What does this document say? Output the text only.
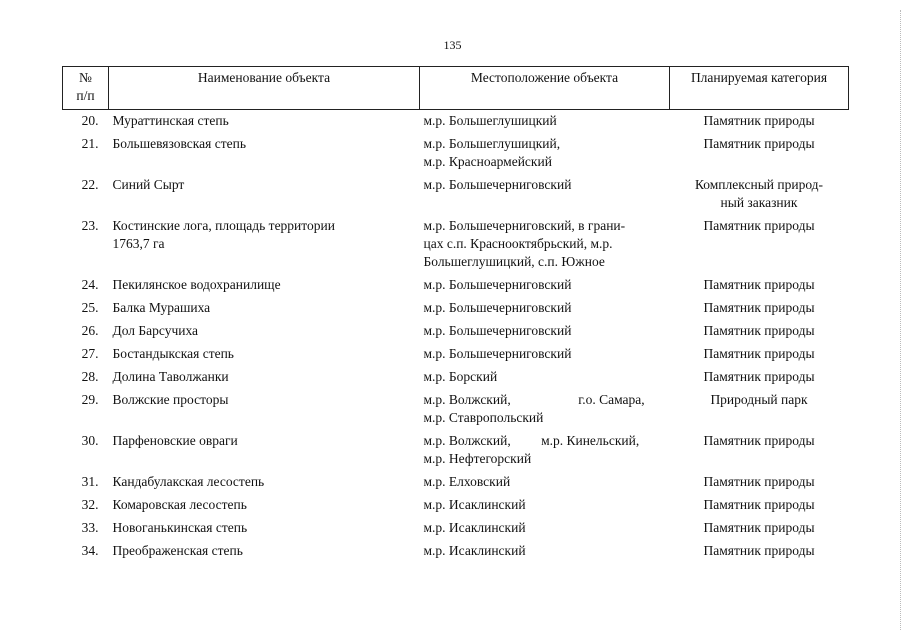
135
№
п/п	Наименование объекта	Местоположение объекта	Планируемая категория
20.	Мураттинская степь	м.р. Большеглушицкий	Памятник природы

21.	Большевязовская степь	м.р. Большеглушицкий,
м.р. Красноармейский	Памятник природы

22.	Синий Сырт	м.р. Большечерниговский	Комплексный природ-
ный заказник

23.	Костинские лога, площадь территории
1763,7 га	м.р. Большечерниговский, в грани-
цах с.п. Краснооктябрьский, м.р.
Большеглушицкий, с.п. Южное	Памятник природы

24.	Пекилянское водохранилище	м.р. Большечерниговский	Памятник природы

25.	Балка Мурашиха	м.р. Большечерниговский	Памятник природы

26.	Дол Барсучиха	м.р. Большечерниговский	Памятник природы

27.	Бостандыкская степь	м.р. Большечерниговский	Памятник природы

28.	Долина Таволжанки	м.р. Борский	Памятник природы

29.	Волжские просторы	м.р. Волжский,                    г.о. Самара,
м.р. Ставропольский	Природный парк

30.	Парфеновские овраги	м.р. Волжский,         м.р. Кинельский,
м.р. Нефтегорский	Памятник природы

31.	Кандабулакская лесостепь	м.р. Елховский	Памятник природы

32.	Комаровская лесостепь	м.р. Исаклинский	Памятник природы

33.	Новоганькинская степь	м.р. Исаклинский	Памятник природы

34.	Преображенская степь	м.р. Исаклинский	Памятник природы
